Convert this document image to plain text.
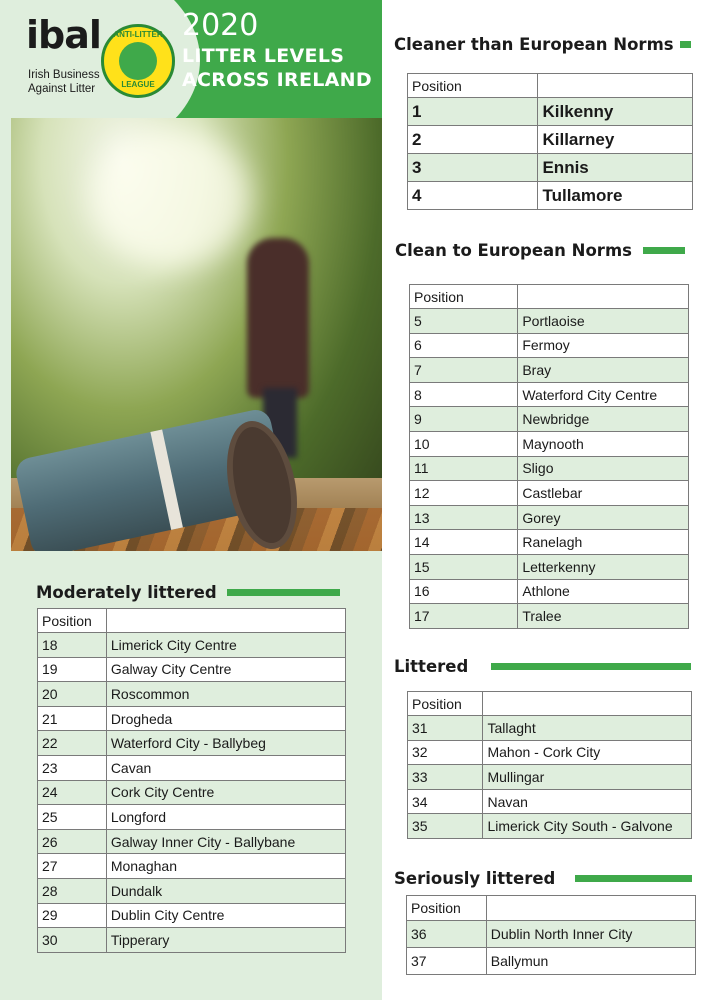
ibal
Irish Business
Against Litter
ANTI-LITTER
LEAGUE
2020
LITTER LEVELS
ACROSS IRELAND
Cleaner than European Norms
Position	
1	Kilkenny
2	Killarney
3	Ennis
4	Tullamore
Clean to European Norms
Position	
5	Portlaoise
6	Fermoy
7	Bray
8	Waterford City Centre
9	Newbridge
10	Maynooth
11	Sligo
12	Castlebar
13	Gorey
14	Ranelagh
15	Letterkenny
16	Athlone
17	Tralee
Moderately littered
Position	
18	Limerick City Centre
19	Galway City Centre
20	Roscommon
21	Drogheda
22	Waterford City - Ballybeg
23	Cavan
24	Cork City Centre
25	Longford
26	Galway Inner City - Ballybane
27	Monaghan
28	Dundalk
29	Dublin City Centre
30	Tipperary
Littered
Position	
31	Tallaght
32	Mahon - Cork City
33	Mullingar
34	Navan
35	Limerick City South - Galvone
Seriously littered
Position	
36	Dublin North Inner City
37	Ballymun
